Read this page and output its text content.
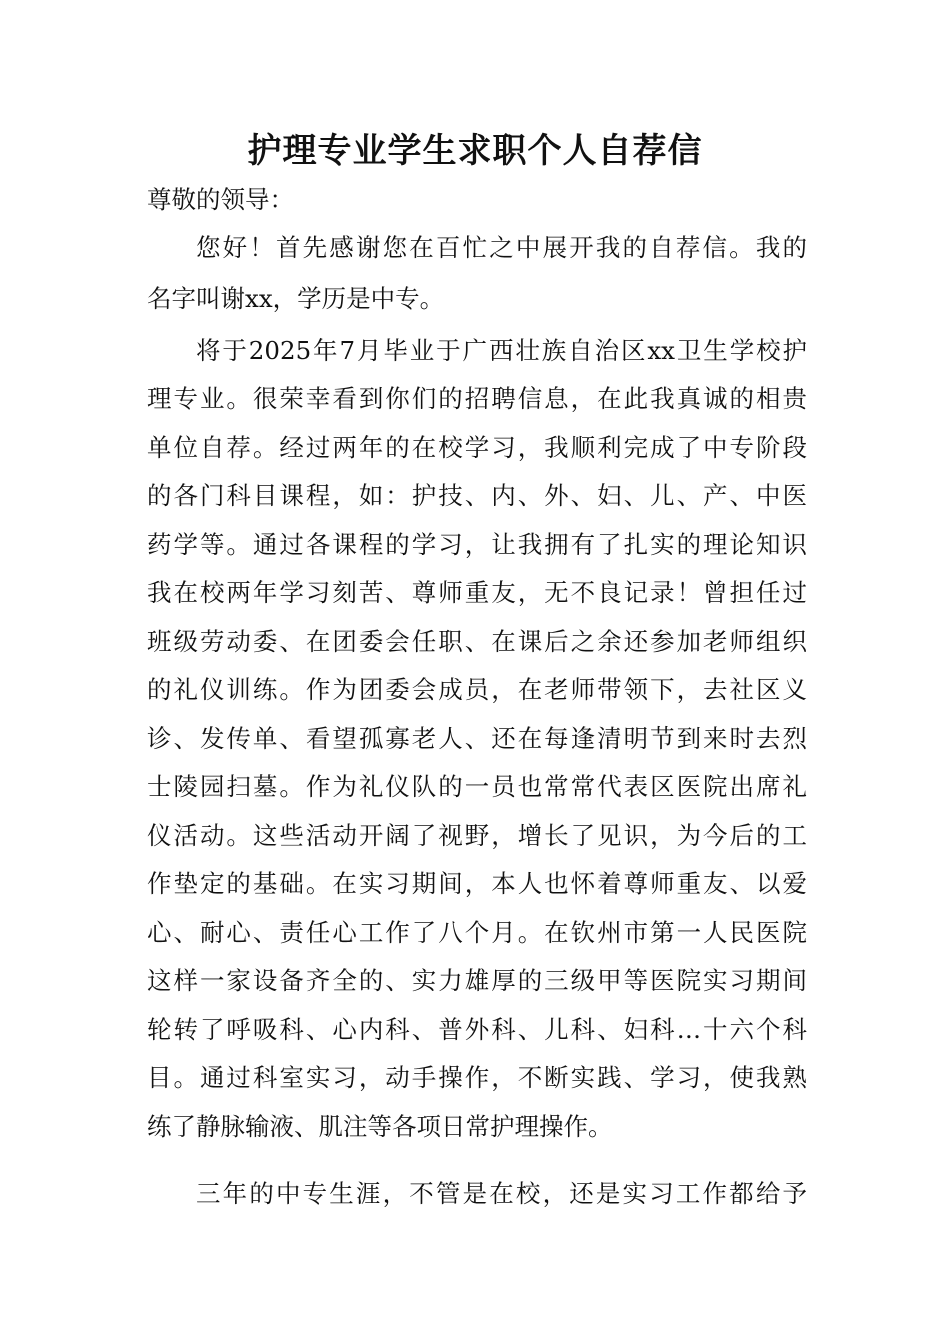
护理专业学生求职个人自荐信
尊敬的领导：
您好！首先感谢您在百忙之中展开我的自荐信。我的
名字叫谢xx，学历是中专。
将于2025年7月毕业于广西壮族自治区xx卫生学校护
理专业。很荣幸看到你们的招聘信息，在此我真诚的相贵
单位自荐。经过两年的在校学习，我顺利完成了中专阶段
的各门科目课程，如：护技、内、外、妇、儿、产、中医
药学等。通过各课程的学习，让我拥有了扎实的理论知识
我在校两年学习刻苦、尊师重友，无不良记录！曾担任过
班级劳动委、在团委会任职、在课后之余还参加老师组织
的礼仪训练。作为团委会成员，在老师带领下，去社区义
诊、发传单、看望孤寡老人、还在每逢清明节到来时去烈
士陵园扫墓。作为礼仪队的一员也常常代表区医院出席礼
仪活动。这些活动开阔了视野，增长了见识，为今后的工
作垫定的基础。在实习期间，本人也怀着尊师重友、以爱
心、耐心、责任心工作了八个月。在钦州市第一人民医院
这样一家设备齐全的、实力雄厚的三级甲等医院实习期间
轮转了呼吸科、心内科、普外科、儿科、妇科…十六个科
目。通过科室实习，动手操作，不断实践、学习，使我熟
练了静脉输液、肌注等各项日常护理操作。
三年的中专生涯，不管是在校，还是实习工作都给予
